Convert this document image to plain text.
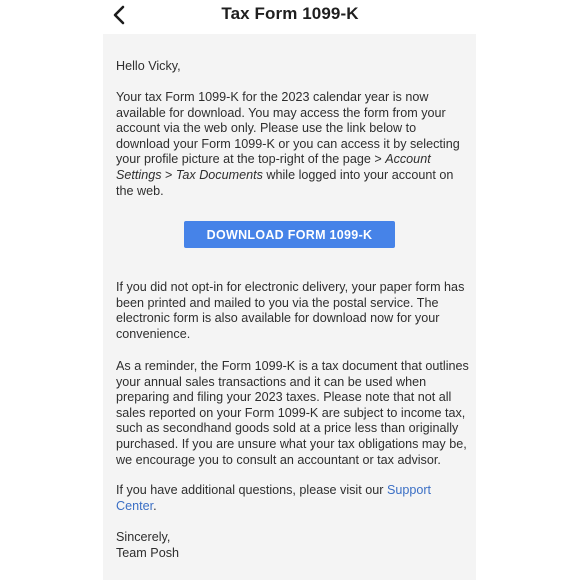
Tax Form 1099-K
Hello Vicky,
Your tax Form 1099-K for the 2023 calendar year is now available for download. You may access the form from your account via the web only. Please use the link below to download your Form 1099-K or you can access it by selecting your profile picture at the top-right of the page > Account Settings > Tax Documents while logged into your account on the web.
DOWNLOAD FORM 1099-K
If you did not opt-in for electronic delivery, your paper form has been printed and mailed to you via the postal service. The electronic form is also available for download now for your convenience.
As a reminder, the Form 1099-K is a tax document that outlines your annual sales transactions and it can be used when preparing and filing your 2023 taxes. Please note that not all sales reported on your Form 1099-K are subject to income tax, such as secondhand goods sold at a price less than originally purchased. If you are unsure what your tax obligations may be, we encourage you to consult an accountant or tax advisor.
If you have additional questions, please visit our Support Center.
Sincerely,
Team Posh
